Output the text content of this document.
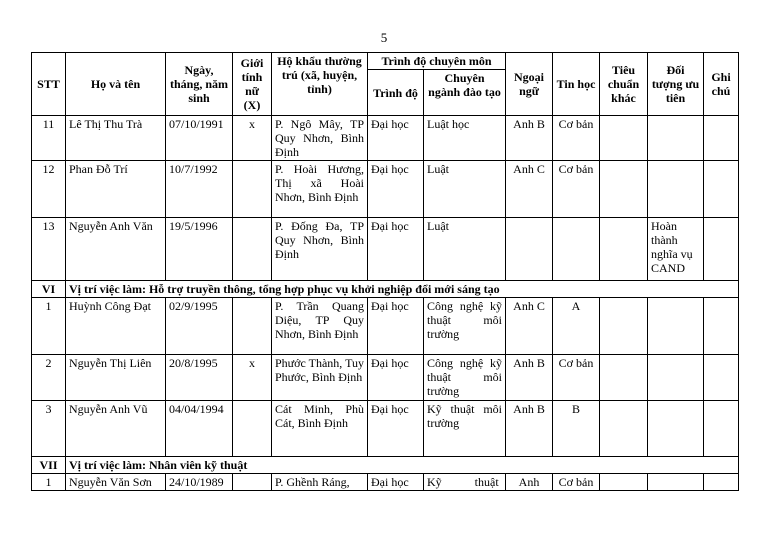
5
STT	Họ và tên	Ngày, tháng, năm sinh	Giới tính nữ (X)	Hộ khẩu thường trú (xã, huyện, tỉnh)	Trình độ chuyên môn		Ngoại ngữ	Tin học	Tiêu chuẩn khác	Đối tượng ưu tiên	Ghi chú
					Trình độ	Chuyên ngành đào tạo					
11	Lê Thị Thu Trà	07/10/1991	x	P. Ngô Mây, TP Quy Nhơn, Bình Định	Đại học	Luật học	Anh B	Cơ bản			
12	Phan Đỗ Trí	10/7/1992		P. Hoài Hương, Thị xã Hoài Nhơn, Bình Định	Đại học	Luật	Anh C	Cơ bản			
13	Nguyễn Anh Văn	19/5/1996		P. Đống Đa, TP Quy Nhơn, Bình Định	Đại học	Luật				Hoàn thành nghĩa vụ CAND	
VI	Vị trí việc làm: Hỗ trợ truyền thông, tổng hợp phục vụ khởi nghiệp đổi mới sáng tạo										
1	Huỳnh Công Đạt	02/9/1995		P. Trần Quang Diệu, TP Quy Nhơn, Bình Định	Đại học	Công nghệ kỹ thuật môi trường	Anh C	A			
2	Nguyễn Thị Liên	20/8/1995	x	Phước Thành, Tuy Phước, Bình Định	Đại học	Công nghệ kỹ thuật môi trường	Anh B	Cơ bản			
3	Nguyễn Anh Vũ	04/04/1994		Cát Minh, Phù Cát, Bình Định	Đại học	Kỹ thuật môi trường	Anh B	B			
VII	Vị trí việc làm: Nhân viên kỹ thuật										
1	Nguyễn Văn Sơn	24/10/1989		P. Ghềnh Ráng,	Đại học	Kỹ thuật	Anh	Cơ bản			
